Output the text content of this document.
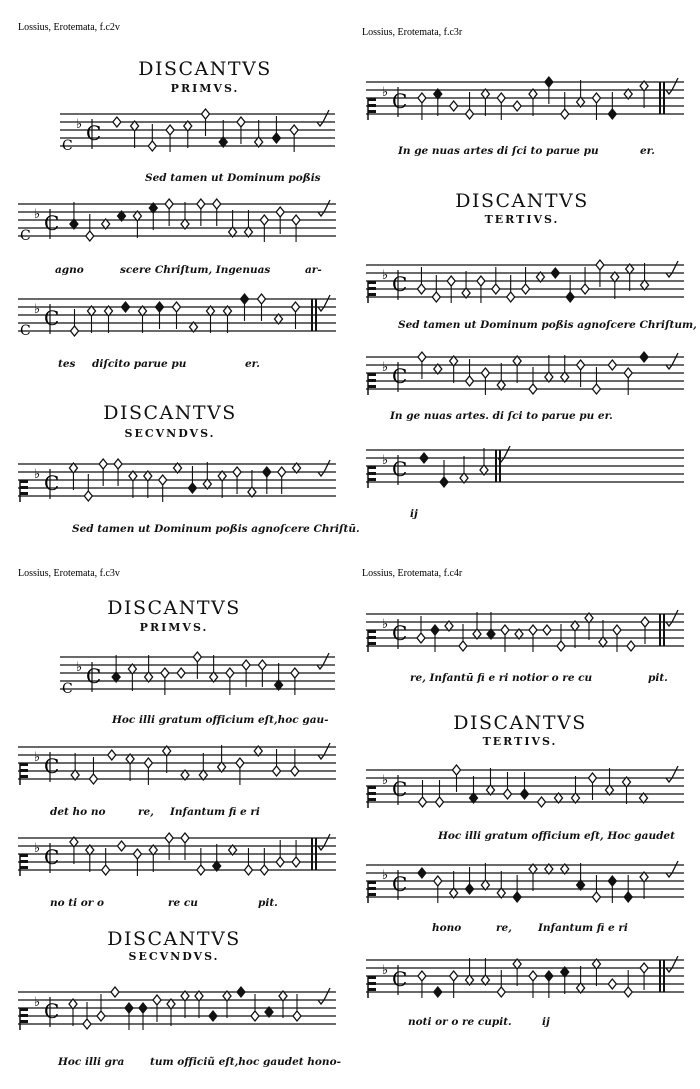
Lossius, Erotemata, f.c2v
DISCANTVS
PRIMVS.
C
♭ C
Sed tamen ut Dominum poßis
C
♭ C
agno	scere Chriſtum, Ingenuas	ar-
C
♭ C
tes diſcito parue pu	er.
DISCANTVS
SECVNDVS.
♭ C
Sed tamen ut Dominum poßis agnoſcere Chriſtū.
Lossius, Erotemata, f.c3r
♭ C
In ge nuas artes di ſci to parue pu	er.
DISCANTVS
TERTIVS.
♭ C
Sed tamen ut Dominum poßis agnoſcere Chriſtum,
♭ C
In ge nuas artes. di ſci to parue pu er.
♭ C
ij
Lossius, Erotemata, f.c3v
DISCANTVS
PRIMVS.
C
♭ C
Hoc illi gratum officium eſt,hoc gau-
♭ C
det ho no	re, Infantum fi e ri
♭ C
no ti or o	re cu	pit.
DISCANTVS
SECVNDVS.
♭ C
Hoc illi gra tum officiũ eſt,hoc gaudet hono-
Lossius, Erotemata, f.c4r
♭ C
re, Infantū fi e ri notior o re cu	pit.
DISCANTVS
TERTIVS.
♭ C
Hoc illi gratum officium eſt, Hoc gaudet
♭ C
hono	re, Infantum fi e ri
♭ C
noti or o re cupit.	ij
